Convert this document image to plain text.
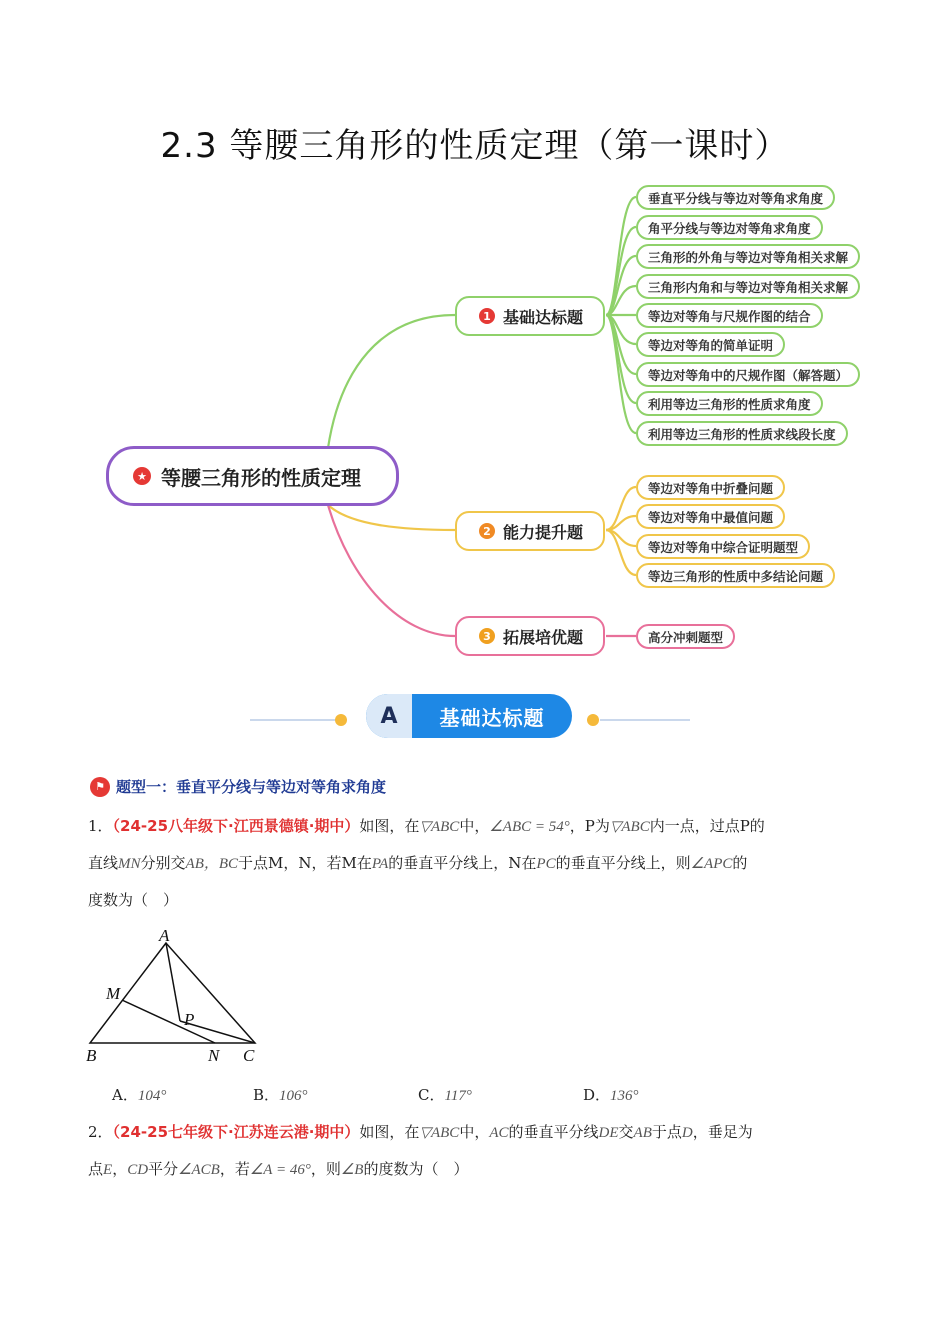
2.3 等腰三角形的性质定理（第一课时）
★ 等腰三角形的性质定理
1 基础达标题
2 能力提升题
3 拓展培优题
垂直平分线与等边对等角求角度
角平分线与等边对等角求角度
三角形的外角与等边对等角相关求解
三角形内角和与等边对等角相关求解
等边对等角与尺规作图的结合
等边对等角的简单证明
等边对等角中的尺规作图（解答题）
利用等边三角形的性质求角度
利用等边三角形的性质求线段长度
等边对等角中折叠问题
等边对等角中最值问题
等边对等角中综合证明题型
等边三角形的性质中多结论问题
高分冲刺题型
A	基础达标题
⚑ 题型一：垂直平分线与等边对等角求角度
1．（24-25八年级下·江西景德镇·期中）如图，在▽ABC中，∠ABC = 54°，P为▽ABC内一点，过点P的
直线MN分别交AB，BC于点M，N，若M在PA的垂直平分线上，N在PC的垂直平分线上，则∠APC的
度数为（　）
A
M
P
B	N C
A．104°	B．106°	C．117°	D．136°
2．（24-25七年级下·江苏连云港·期中）如图，在▽ABC中，AC的垂直平分线DE交AB于点D，垂足为
点E，CD平分∠ACB，若∠A = 46°，则∠B的度数为（　）
